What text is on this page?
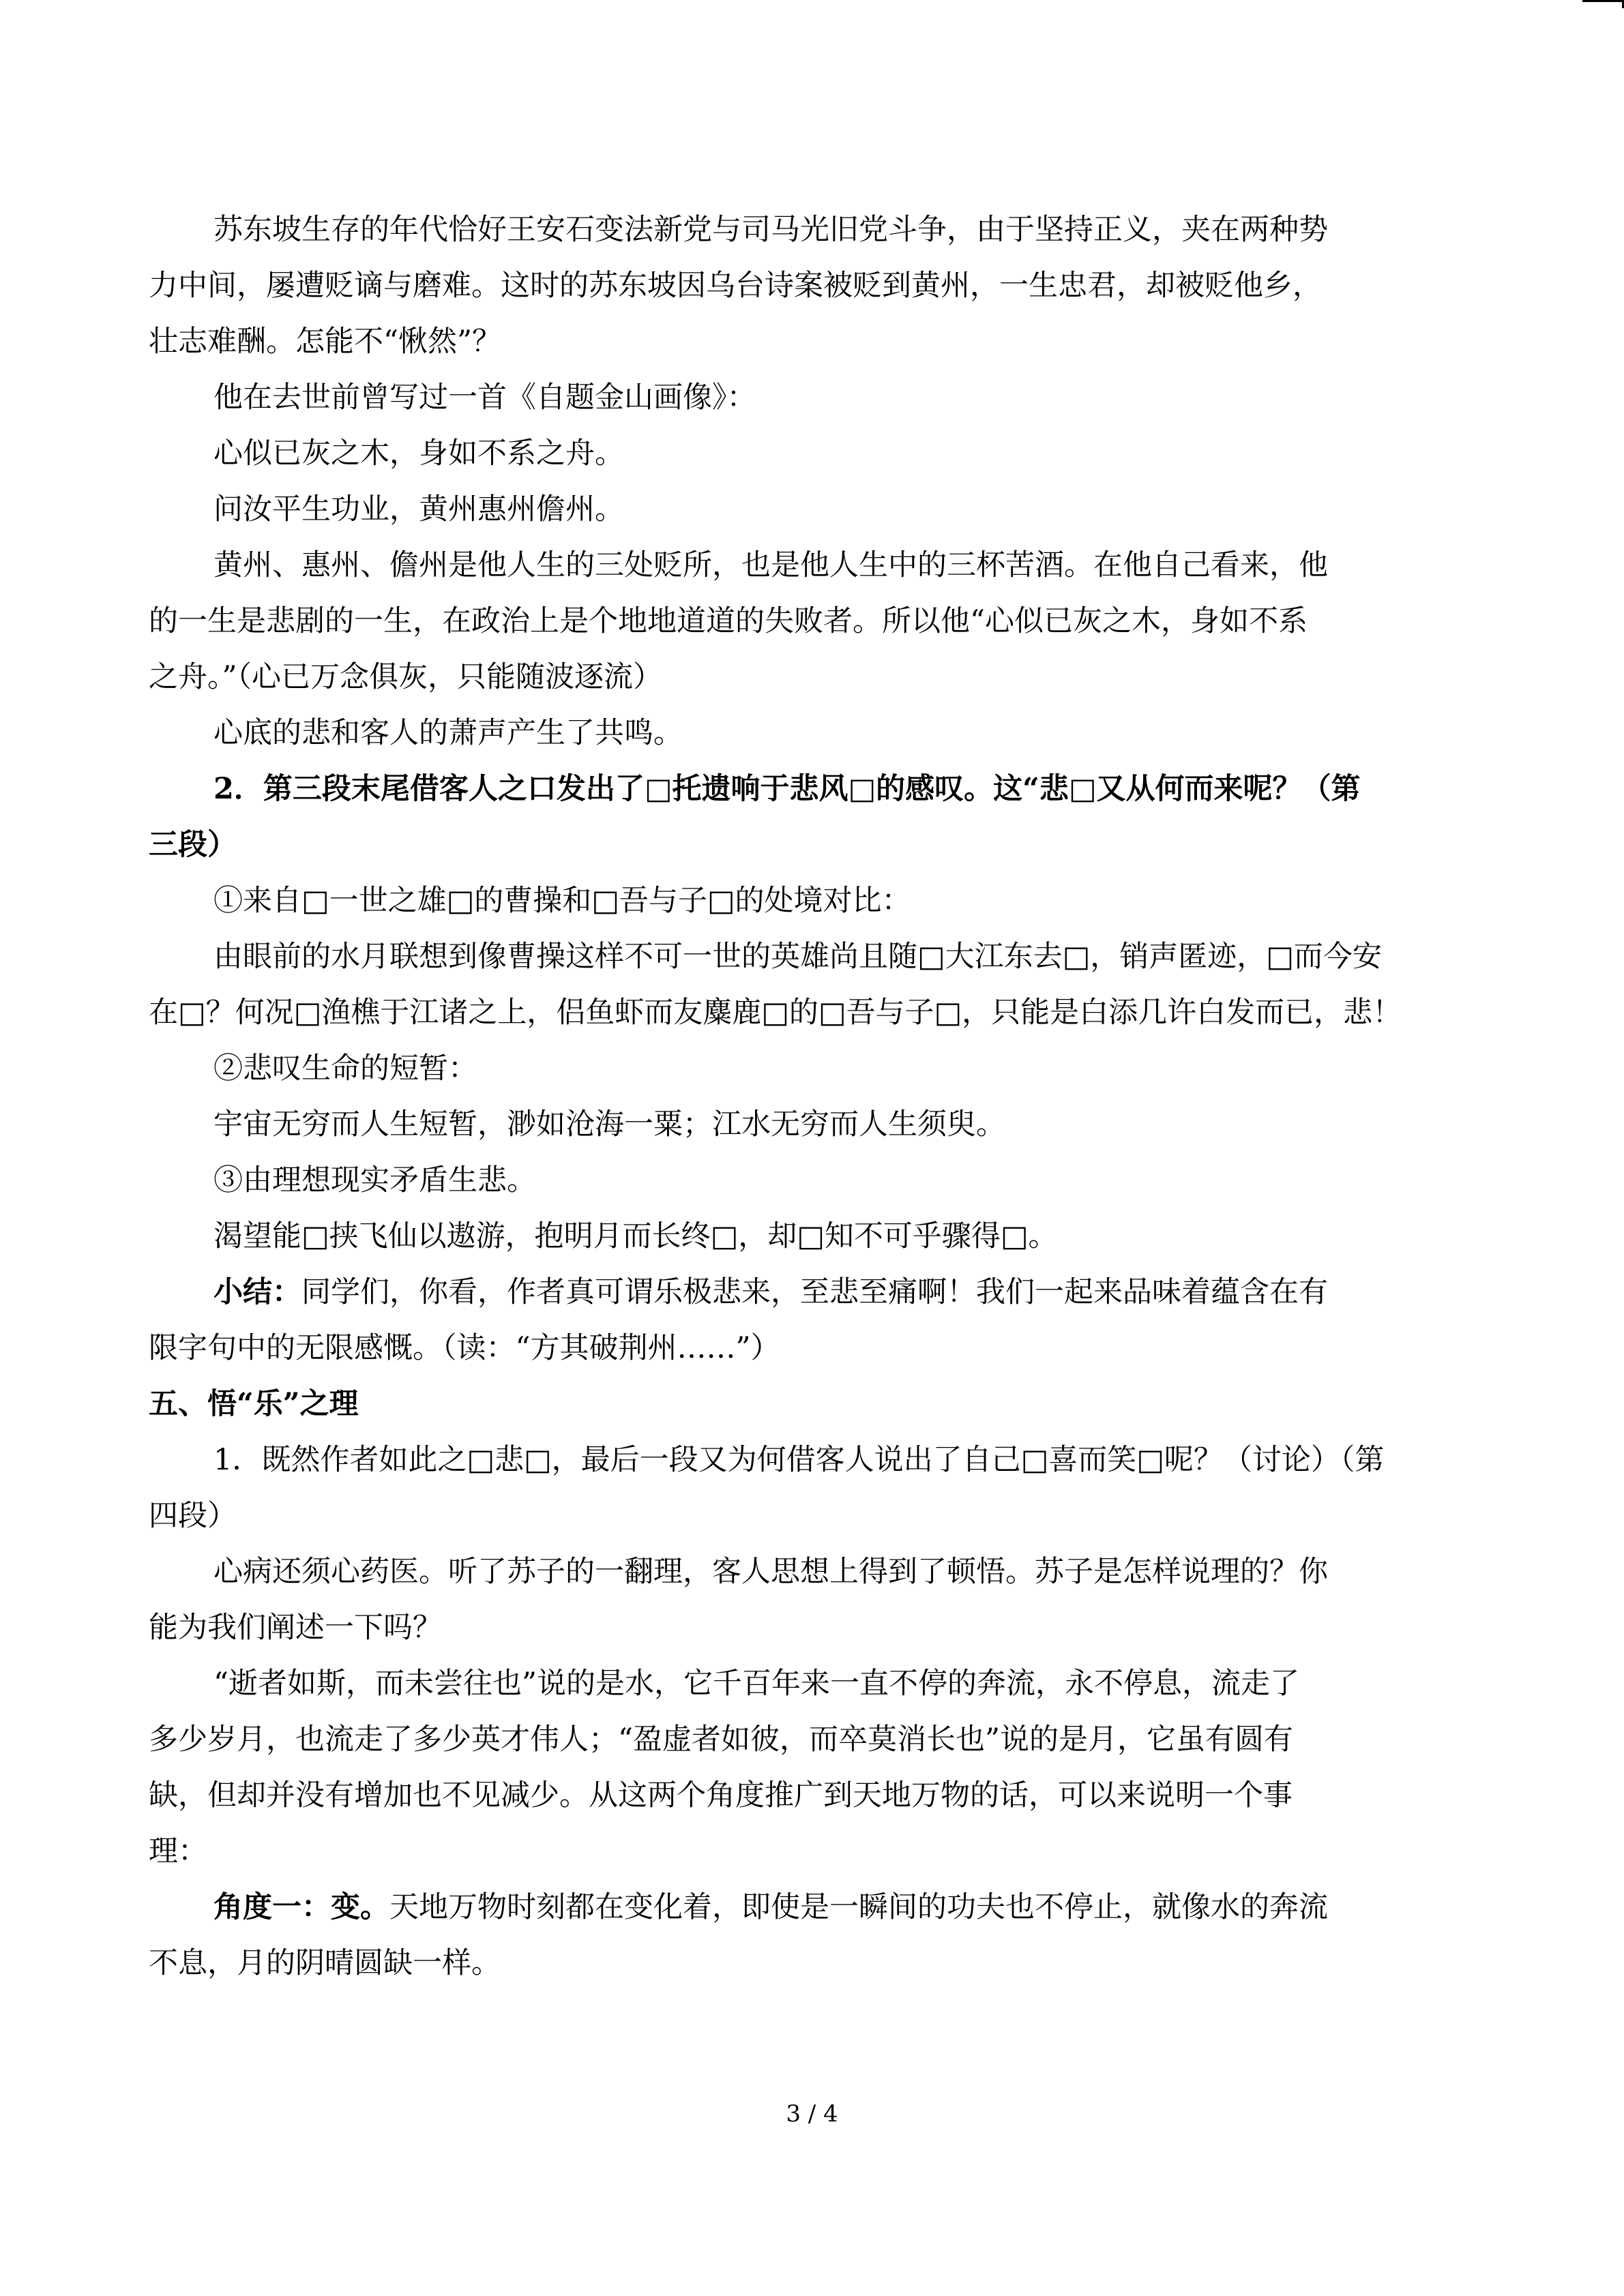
苏东坡生存的年代恰好王安石变法新党与司马光旧党斗争，由于坚持正义，夹在两种势
力中间，屡遭贬谪与磨难。这时的苏东坡因乌台诗案被贬到黄州，一生忠君，却被贬他乡，
壮志难酬。怎能不“愀然”？
他在去世前曾写过一首《自题金山画像》：
心似已灰之木，身如不系之舟。
问汝平生功业，黄州惠州儋州。
黄州、惠州、儋州是他人生的三处贬所，也是他人生中的三杯苦酒。在他自己看来，他
的一生是悲剧的一生，在政治上是个地地道道的失败者。所以他“心似已灰之木，身如不系
之舟。”（心已万念俱灰，只能随波逐流）
心底的悲和客人的萧声产生了共鸣。
2．第三段末尾借客人之口发出了□托遗响于悲风□的感叹。这“悲□又从何而来呢？（第
三段）
①来自□一世之雄□的曹操和□吾与子□的处境对比：
由眼前的水月联想到像曹操这样不可一世的英雄尚且随□大江东去□，销声匿迹，□而今安
在□？何况□渔樵于江诸之上，侣鱼虾而友麋鹿□的□吾与子□，只能是白添几许白发而已，悲！
②悲叹生命的短暂：
宇宙无穷而人生短暂，渺如沧海一粟；江水无穷而人生须臾。
③由理想现实矛盾生悲。
渴望能□挟飞仙以遨游，抱明月而长终□，却□知不可乎骤得□。
小结：同学们，你看，作者真可谓乐极悲来，至悲至痛啊！我们一起来品味着蕴含在有
限字句中的无限感慨。（读：“方其破荆州……”）
五、悟“乐”之理
1．既然作者如此之□悲□，最后一段又为何借客人说出了自己□喜而笑□呢？（讨论）（第
四段）
心病还须心药医。听了苏子的一翻理，客人思想上得到了顿悟。苏子是怎样说理的？你
能为我们阐述一下吗？
“逝者如斯，而未尝往也”说的是水，它千百年来一直不停的奔流，永不停息，流走了
多少岁月，也流走了多少英才伟人；“盈虚者如彼，而卒莫消长也”说的是月，它虽有圆有
缺，但却并没有增加也不见减少。从这两个角度推广到天地万物的话，可以来说明一个事
理：
角度一：变。天地万物时刻都在变化着，即使是一瞬间的功夫也不停止，就像水的奔流
不息，月的阴晴圆缺一样。
3 / 4
